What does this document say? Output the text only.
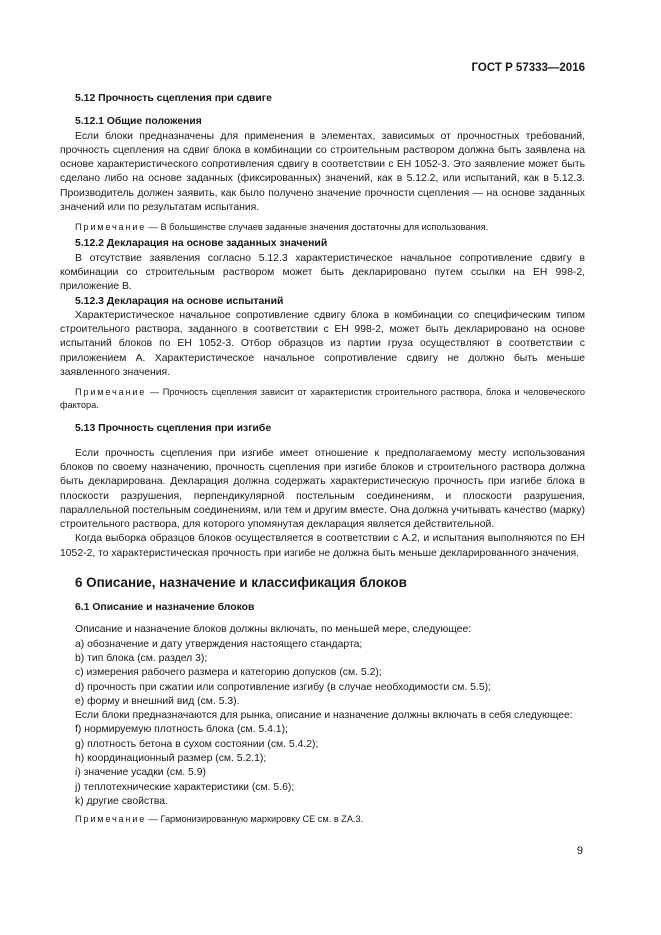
ГОСТ Р 57333—2016

5.12 Прочность сцепления при сдвиге

5.12.1 Общие положения

Если блоки предназначены для применения в элементах, зависимых от прочностных требований, прочность сцепления на сдвиг блока в комбинации со строительным раствором должна быть заявлена на основе характеристического сопротивления сдвигу в соответствии с ЕН 1052-3. Это заявление может быть сделано либо на основе заданных (фиксированных) значений, как в 5.12.2, или испытаний, как в 5.12.3. Производитель должен заявить, как было получено значение прочности сцепления — на основе заданных значений или по результатам испытания.

Примечание — В большинстве случаев заданные значения достаточны для использования.

5.12.2 Декларация на основе заданных значений

В отсутствие заявления согласно 5.12.3 характеристическое начальное сопротивление сдвигу в комбинации со строительным раствором может быть декларировано путем ссылки на ЕН 998-2, приложение В.

5.12.3 Декларация на основе испытаний

Характеристическое начальное сопротивление сдвигу блока в комбинации со специфическим типом строительного раствора, заданного в соответствии с ЕН 998-2, может быть декларировано на основе испытаний блоков по ЕН 1052-3. Отбор образцов из партии груза осуществляют в соответствии с приложением А. Характеристическое начальное сопротивление сдвигу не должно быть меньше заявленного значения.

Примечание — Прочность сцепления зависит от характеристик строительного раствора, блока и человеческого фактора.

5.13 Прочность сцепления при изгибе

Если прочность сцепления при изгибе имеет отношение к предполагаемому месту использования блоков по своему назначению, прочность сцепления при изгибе блоков и строительного раствора должна быть декларирована. Декларация должна содержать характеристическую прочность при изгибе блока в плоскости разрушения, перпендикулярной постельным соединениям, и плоскости разрушения, параллельной постельным соединениям, или тем и другим вместе. Она должна учитывать качество (марку) строительного раствора, для которого упомянутая декларация является действительной.

Когда выборка образцов блоков осуществляется в соответствии с А.2, и испытания выполняются по ЕН 1052-2, то характеристическая прочность при изгибе не должна быть меньше декларированного значения.

6 Описание, назначение и классификация блоков

6.1 Описание и назначение блоков

Описание и назначение блоков должны включать, по меньшей мере, следующее:

а) обозначение и дату утверждения настоящего стандарта;

b) тип блока (см. раздел 3);

c) измерения рабочего размера и категорию допусков (см. 5.2);

d) прочность при сжатии или сопротивление изгибу (в случае необходимости см. 5.5);

e) форму и внешний вид (см. 5.3).

Если блоки предназначаются для рынка, описание и назначение должны включать в себя следующее:

f) нормируемую плотность блока (см. 5.4.1);

g) плотность бетона в сухом состоянии (см. 5.4.2);

h) координационный размер (см. 5.2.1);

i) значение усадки (см. 5.9)

j) теплотехнические характеристики (см. 5.6);

k) другие свойства.

Примечание — Гармонизированную маркировку СЕ см. в ZA.3.

9
